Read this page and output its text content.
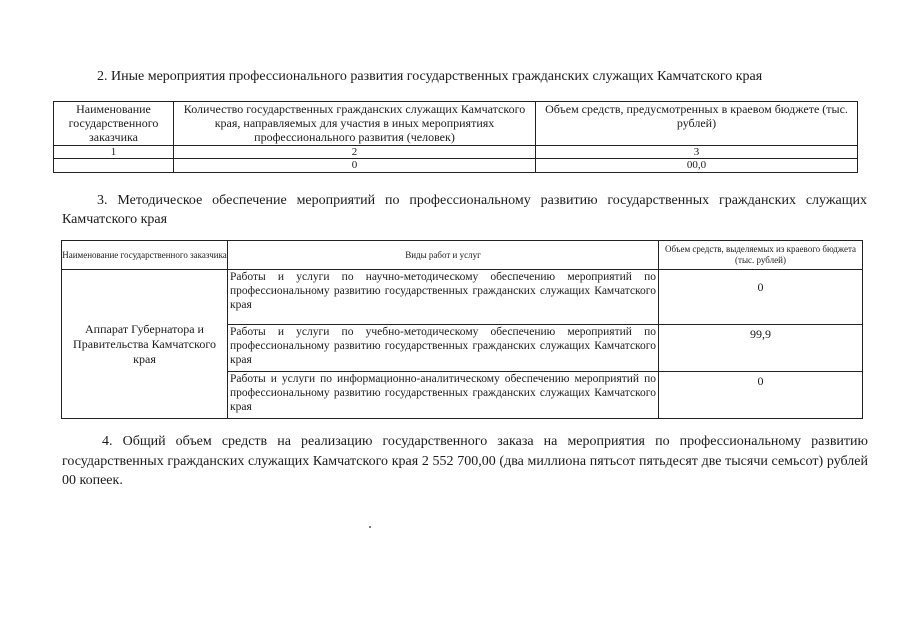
2. Иные мероприятия профессионального развития государственных гражданских служащих Камчатского края
Наименование государственного заказчика	Количество государственных гражданских служащих Камчатского края, направляемых для участия в иных мероприятиях профессионального развития (человек)	Объем средств, предусмотренных в краевом бюджете (тыс. рублей)
1	2	3
	0	00,0
3. Методическое обеспечение мероприятий по профессиональному развитию государственных гражданских служащих Камчатского края
Наименование государственного заказчика	Виды работ и услуг	Объем средств, выделяемых из краевого бюджета (тыс. рублей)
Аппарат Губернатора и Правительства Камчатского края	Работы и услуги по научно-методическому обеспечению мероприятий по профессиональному развитию государственных гражданских служащих Камчатского края	0
	Работы и услуги по учебно-методическому обеспечению мероприятий по профессиональному развитию государственных гражданских служащих Камчатского края	99,9
	Работы и услуги по информационно-аналитическому обеспечению мероприятий по профессиональному развитию государственных гражданских служащих Камчатского края	0
4. Общий объем средств на реализацию государственного заказа на мероприятия по профессиональному развитию государственных гражданских служащих Камчатского края 2 552 700,00 (два миллиона пятьсот пятьдесят две тысячи семьсот) рублей 00 копеек.
